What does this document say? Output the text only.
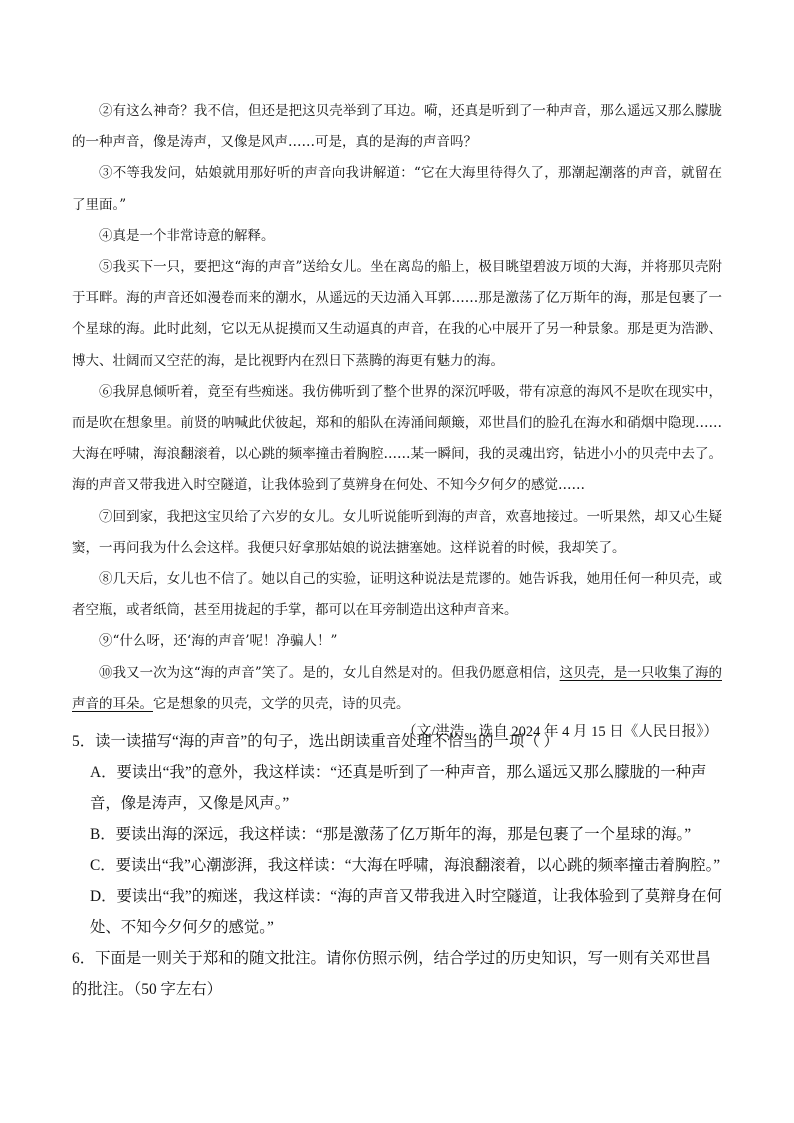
②有这么神奇？我不信，但还是把这贝壳举到了耳边。嗬，还真是听到了一种声音，那么遥远又那么朦胧的一种声音，像是涛声，又像是风声……可是，真的是海的声音吗？

③不等我发问，姑娘就用那好听的声音向我讲解道：“它在大海里待得久了，那潮起潮落的声音，就留在了里面。”

④真是一个非常诗意的解释。

⑤我买下一只，要把这“海的声音”送给女儿。坐在离岛的船上，极目眺望碧波万顷的大海，并将那贝壳附于耳畔。海的声音还如漫卷而来的潮水，从遥远的天边涌入耳郭……那是激荡了亿万斯年的海，那是包裹了一个星球的海。此时此刻，它以无从捉摸而又生动逼真的声音，在我的心中展开了另一种景象。那是更为浩渺、博大、壮阔而又空茫的海，是比视野内在烈日下蒸腾的海更有魅力的海。

⑥我屏息倾听着，竟至有些痴迷。我仿佛听到了整个世界的深沉呼吸，带有凉意的海风不是吹在现实中，而是吹在想象里。前贤的呐喊此伏彼起，郑和的船队在涛涌间颠簸，邓世昌们的脸孔在海水和硝烟中隐现……大海在呼啸，海浪翻滚着，以心跳的频率撞击着胸腔……某一瞬间，我的灵魂出窍，钻进小小的贝壳中去了。海的声音又带我进入时空隧道，让我体验到了莫辨身在何处、不知今夕何夕的感觉……

⑦回到家，我把这宝贝给了六岁的女儿。女儿听说能听到海的声音，欢喜地接过。一听果然，却又心生疑窦，一再问我为什么会这样。我便只好拿那姑娘的说法搪塞她。这样说着的时候，我却笑了。

⑧几天后，女儿也不信了。她以自己的实验，证明这种说法是荒谬的。她告诉我，她用任何一种贝壳，或者空瓶，或者纸筒，甚至用拢起的手掌，都可以在耳旁制造出这种声音来。

⑨“什么呀，还‘海的声音’呢！净骗人！”

⑩我又一次为这“海的声音”笑了。是的，女儿自然是对的。但我仍愿意相信，这贝壳，是一只收集了海的声音的耳朵。它是想象的贝壳，文学的贝壳，诗的贝壳。

（文/洪浩。选自 2024 年 4 月 15 日《人民日报》）

5．读一读描写“海的声音”的句子，选出朗读重音处理不恰当的一项（ ）

A．要读出“我”的意外，我这样读：“还真是听到了一种声音，那么遥远又那么朦胧的一种声音，像是涛声，又像是风声。”

B．要读出海的深远，我这样读：“那是激荡了亿万斯年的海，那是包裹了一个星球的海。”

C．要读出“我”心潮澎湃，我这样读：“大海在呼啸，海浪翻滚着，以心跳的频率撞击着胸腔。”

D．要读出“我”的痴迷，我这样读：“海的声音又带我进入时空隧道，让我体验到了莫辩身在何处、不知今夕何夕的感觉。”

6．下面是一则关于郑和的随文批注。请你仿照示例，结合学过的历史知识，写一则有关邓世昌的批注。（50 字左右）
